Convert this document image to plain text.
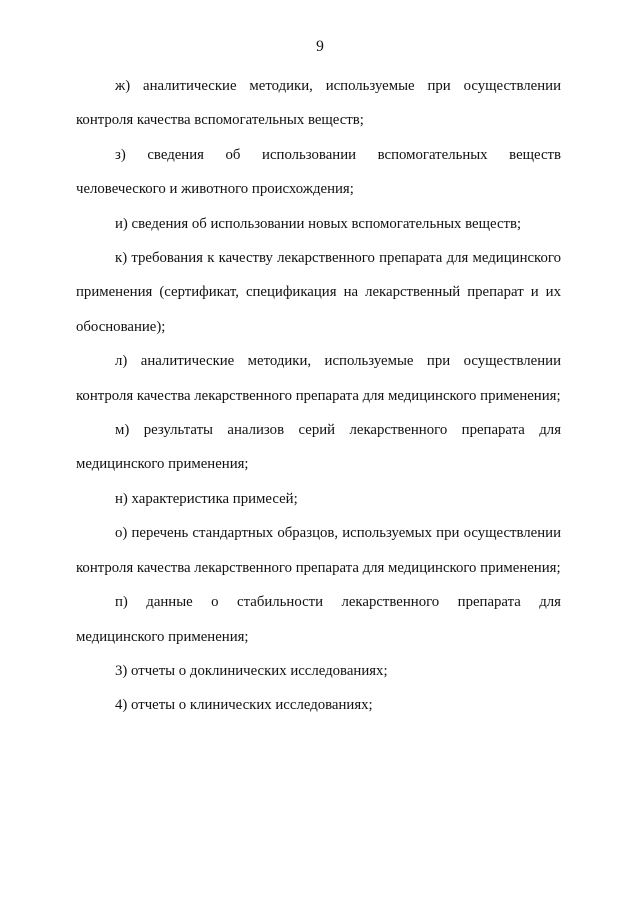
9

ж) аналитические методики, используемые при осуществлении контроля качества вспомогательных веществ;

з) сведения об использовании вспомогательных веществ человеческого и животного происхождения;

и) сведения об использовании новых вспомогательных веществ;

к) требования к качеству лекарственного препарата для медицинского применения (сертификат, спецификация на лекарственный препарат и их обоснование);

л) аналитические методики, используемые при осуществлении контроля качества лекарственного препарата для медицинского применения;

м) результаты анализов серий лекарственного препарата для медицинского применения;

н) характеристика примесей;

о) перечень стандартных образцов, используемых при осуществлении контроля качества лекарственного препарата для медицинского применения;

п) данные о стабильности лекарственного препарата для медицинского применения;

3) отчеты о доклинических исследованиях;

4) отчеты о клинических исследованиях;
